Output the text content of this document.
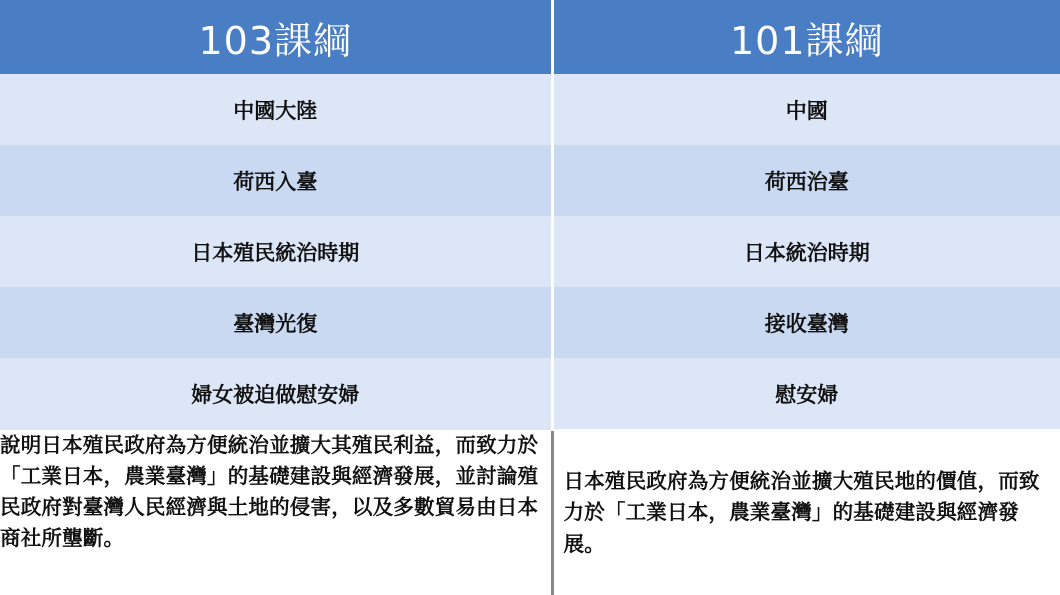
103課綱	101課綱
中國大陸	中國
荷西入臺	荷西治臺
日本殖民統治時期	日本統治時期
臺灣光復	接收臺灣
婦女被迫做慰安婦	慰安婦
說明日本殖民政府為方便統治並擴大其殖民利益，而致力於「工業日本，農業臺灣」的基礎建設與經濟發展，並討論殖民政府對臺灣人民經濟與土地的侵害，以及多數貿易由日本商社所壟斷。	日本殖民政府為方便統治並擴大殖民地的價值，而致力於「工業日本，農業臺灣」的基礎建設與經濟發展。
